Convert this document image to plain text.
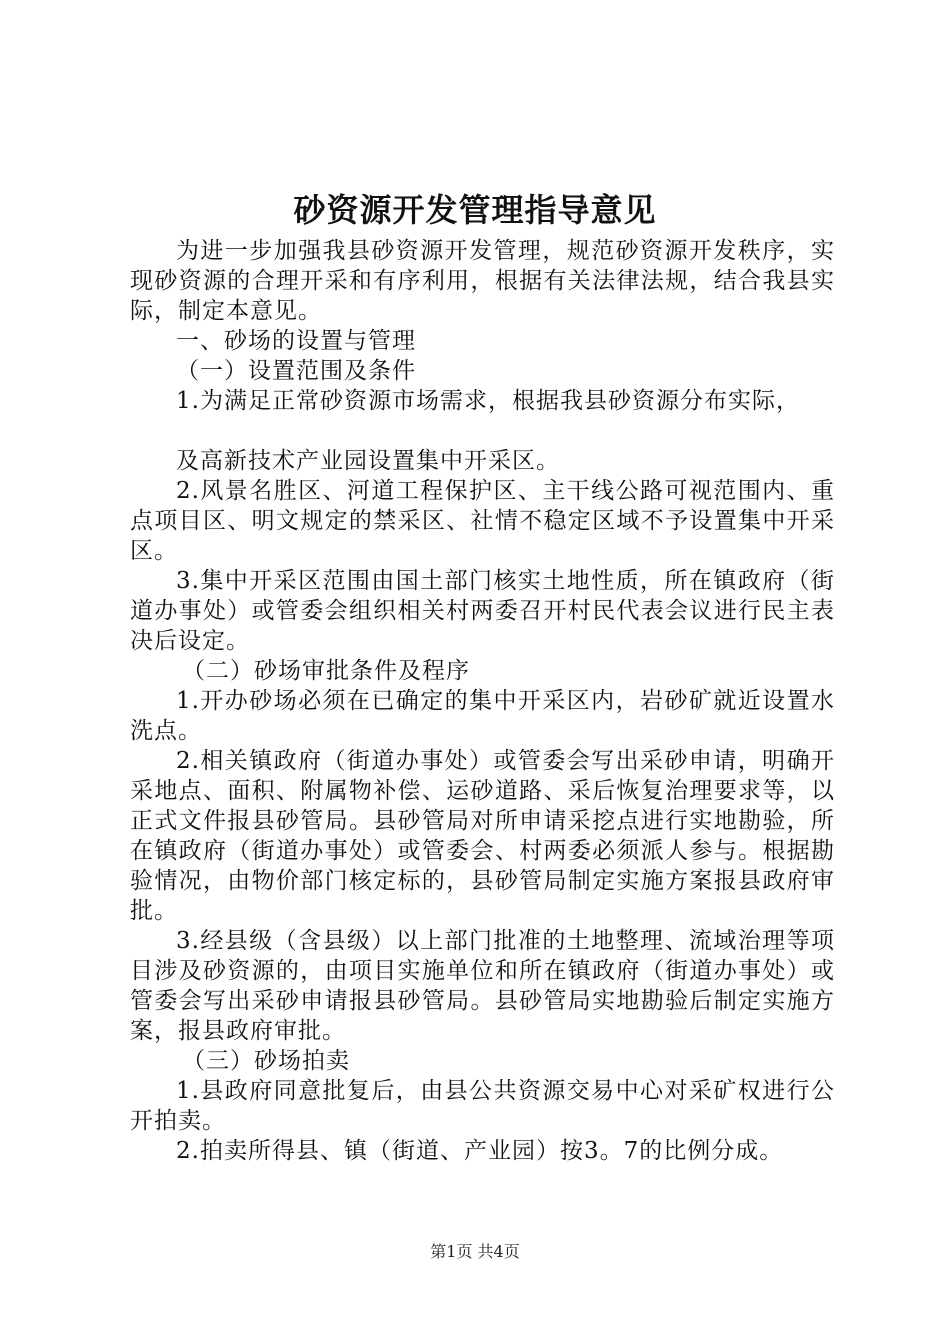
砂资源开发管理指导意见

为进一步加强我县砂资源开发管理，规范砂资源开发秩序，实现砂资源的合理开采和有序利用，根据有关法律法规，结合我县实际，制定本意见。

一、砂场的设置与管理

（一）设置范围及条件

1.为满足正常砂资源市场需求，根据我县砂资源分布实际，

及高新技术产业园设置集中开采区。

2.风景名胜区、河道工程保护区、主干线公路可视范围内、重点项目区、明文规定的禁采区、社情不稳定区域不予设置集中开采区。

3.集中开采区范围由国土部门核实土地性质，所在镇政府（街道办事处）或管委会组织相关村两委召开村民代表会议进行民主表决后设定。

（二）砂场审批条件及程序

1.开办砂场必须在已确定的集中开采区内，岩砂矿就近设置水洗点。

2.相关镇政府（街道办事处）或管委会写出采砂申请，明确开采地点、面积、附属物补偿、运砂道路、采后恢复治理要求等，以正式文件报县砂管局。县砂管局对所申请采挖点进行实地勘验，所在镇政府（街道办事处）或管委会、村两委必须派人参与。根据勘验情况，由物价部门核定标的，县砂管局制定实施方案报县政府审批。

3.经县级（含县级）以上部门批准的土地整理、流域治理等项目涉及砂资源的，由项目实施单位和所在镇政府（街道办事处）或管委会写出采砂申请报县砂管局。县砂管局实地勘验后制定实施方案，报县政府审批。

（三）砂场拍卖

1.县政府同意批复后，由县公共资源交易中心对采矿权进行公开拍卖。

2.拍卖所得县、镇（街道、产业园）按3。7的比例分成。

第1页 共4页
